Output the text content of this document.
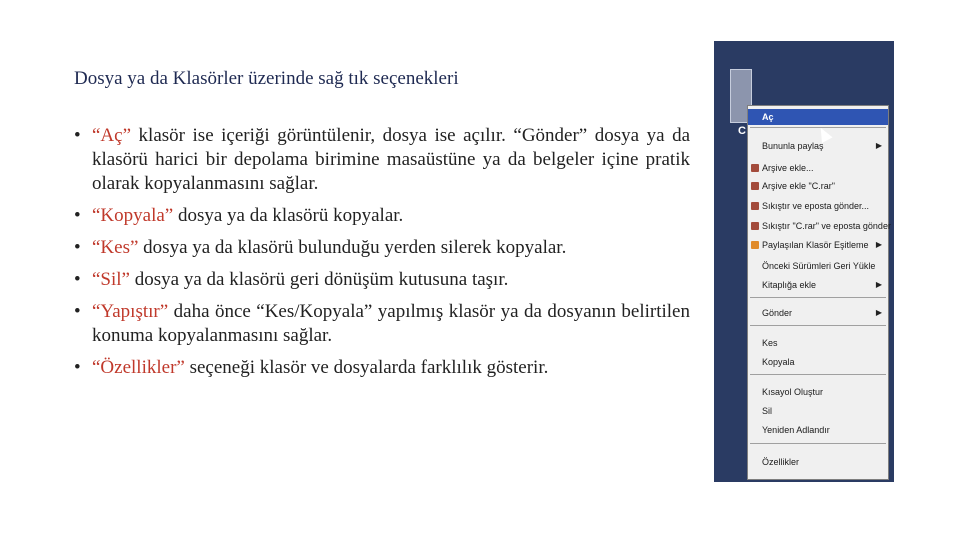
Dosya ya da Klasörler üzerinde sağ tık seçenekleri
• “Aç” klasör ise içeriği görüntülenir, dosya ise açılır. “Gönder” dosya ya da klasörü harici bir depolama birimine masaüstüne ya da belgeler içine pratik olarak kopyalanmasını sağlar.
• “Kopyala” dosya ya da klasörü kopyalar.
• “Kes” dosya ya da klasörü bulunduğu yerden silerek kopyalar.
• “Sil” dosya ya da klasörü geri dönüşüm kutusuna taşır.
• “Yapıştır” daha önce “Kes/Kopyala” yapılmış klasör ya da dosyanın belirtilen konuma kopyalanmasını sağlar.
• “Özellikler” seçeneği klasör ve dosyalarda farklılık gösterir.
C
Aç
Bununla paylaş	▶
Arşive ekle...
Arşive ekle "C.rar"
Sıkıştır ve eposta gönder...
Sıkıştır "C.rar" ve eposta gönder
Paylaşılan Klasör Eşitleme ▶
Önceki Sürümleri Geri Yükle
Kitaplığa ekle	▶
Gönder	▶
Kes
Kopyala
Kısayol Oluştur
Sil
Yeniden Adlandır
Özellikler
